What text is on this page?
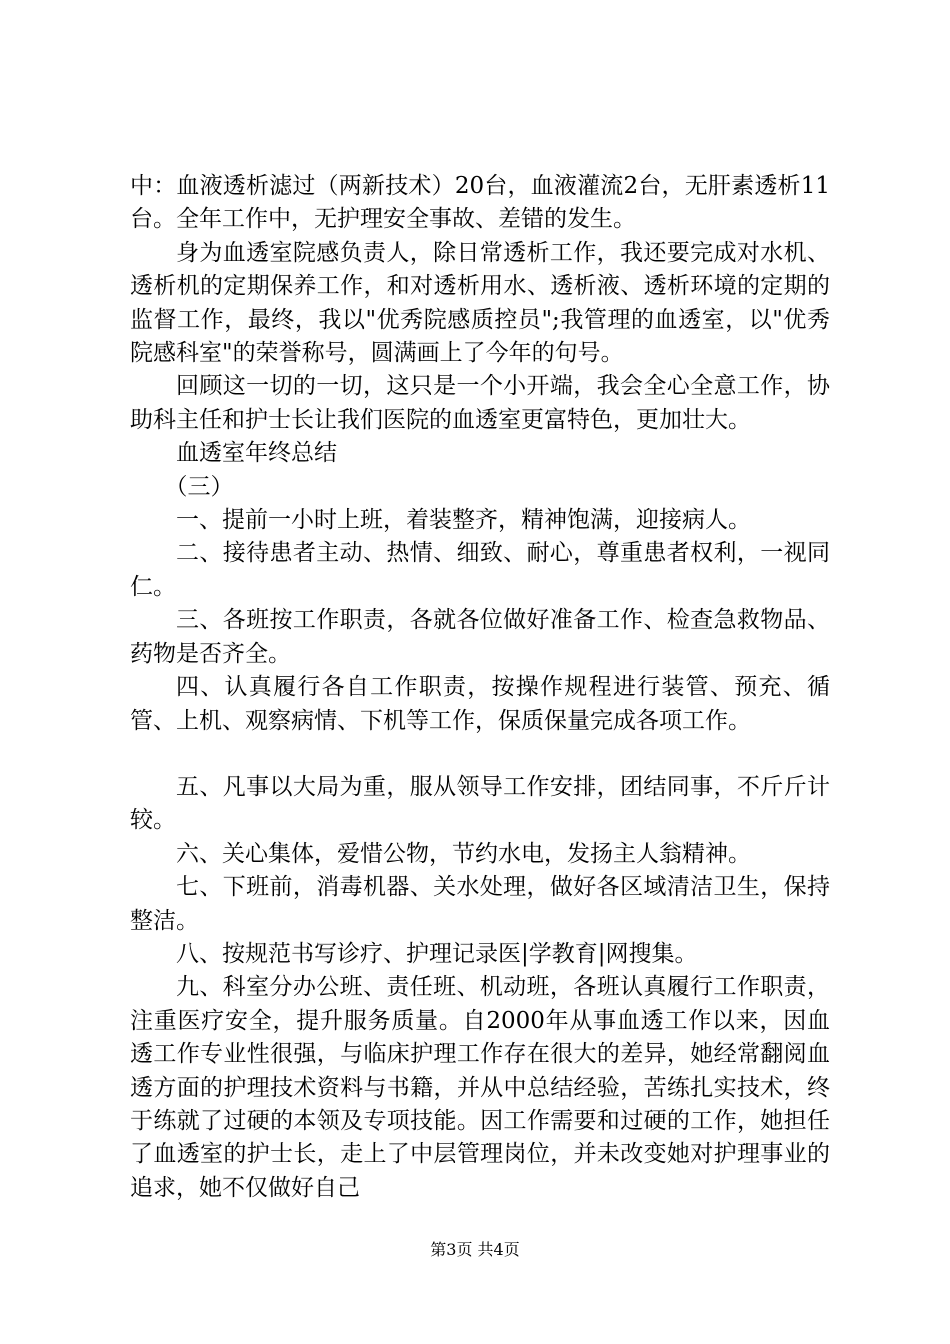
中：血液透析滤过（两新技术）20台，血液灌流2台，无肝素透析11台。全年工作中，无护理安全事故、差错的发生。

身为血透室院感负责人，除日常透析工作，我还要完成对水机、透析机的定期保养工作，和对透析用水、透析液、透析环境的定期的监督工作，最终，我以"优秀院感质控员";我管理的血透室，以"优秀院感科室"的荣誉称号，圆满画上了今年的句号。

回顾这一切的一切，这只是一个小开端，我会全心全意工作，协助科主任和护士长让我们医院的血透室更富特色，更加壮大。

血透室年终总结

（三）

一、提前一小时上班，着装整齐，精神饱满，迎接病人。

二、接待患者主动、热情、细致、耐心，尊重患者权利，一视同仁。

三、各班按工作职责，各就各位做好准备工作、检查急救物品、药物是否齐全。

四、认真履行各自工作职责，按操作规程进行装管、预充、循管、上机、观察病情、下机等工作，保质保量完成各项工作。

五、凡事以大局为重，服从领导工作安排，团结同事，不斤斤计较。

六、关心集体，爱惜公物，节约水电，发扬主人翁精神。

七、下班前，消毒机器、关水处理，做好各区域清洁卫生，保持整洁。

八、按规范书写诊疗、护理记录医|学教育|网搜集。

九、科室分办公班、责任班、机动班，各班认真履行工作职责，注重医疗安全，提升服务质量。自2000年从事血透工作以来，因血透工作专业性很强，与临床护理工作存在很大的差异，她经常翻阅血透方面的护理技术资料与书籍，并从中总结经验，苦练扎实技术，终于练就了过硬的本领及专项技能。因工作需要和过硬的工作，她担任了血透室的护士长，走上了中层管理岗位，并未改变她对护理事业的追求，她不仅做好自己

第3页 共4页
